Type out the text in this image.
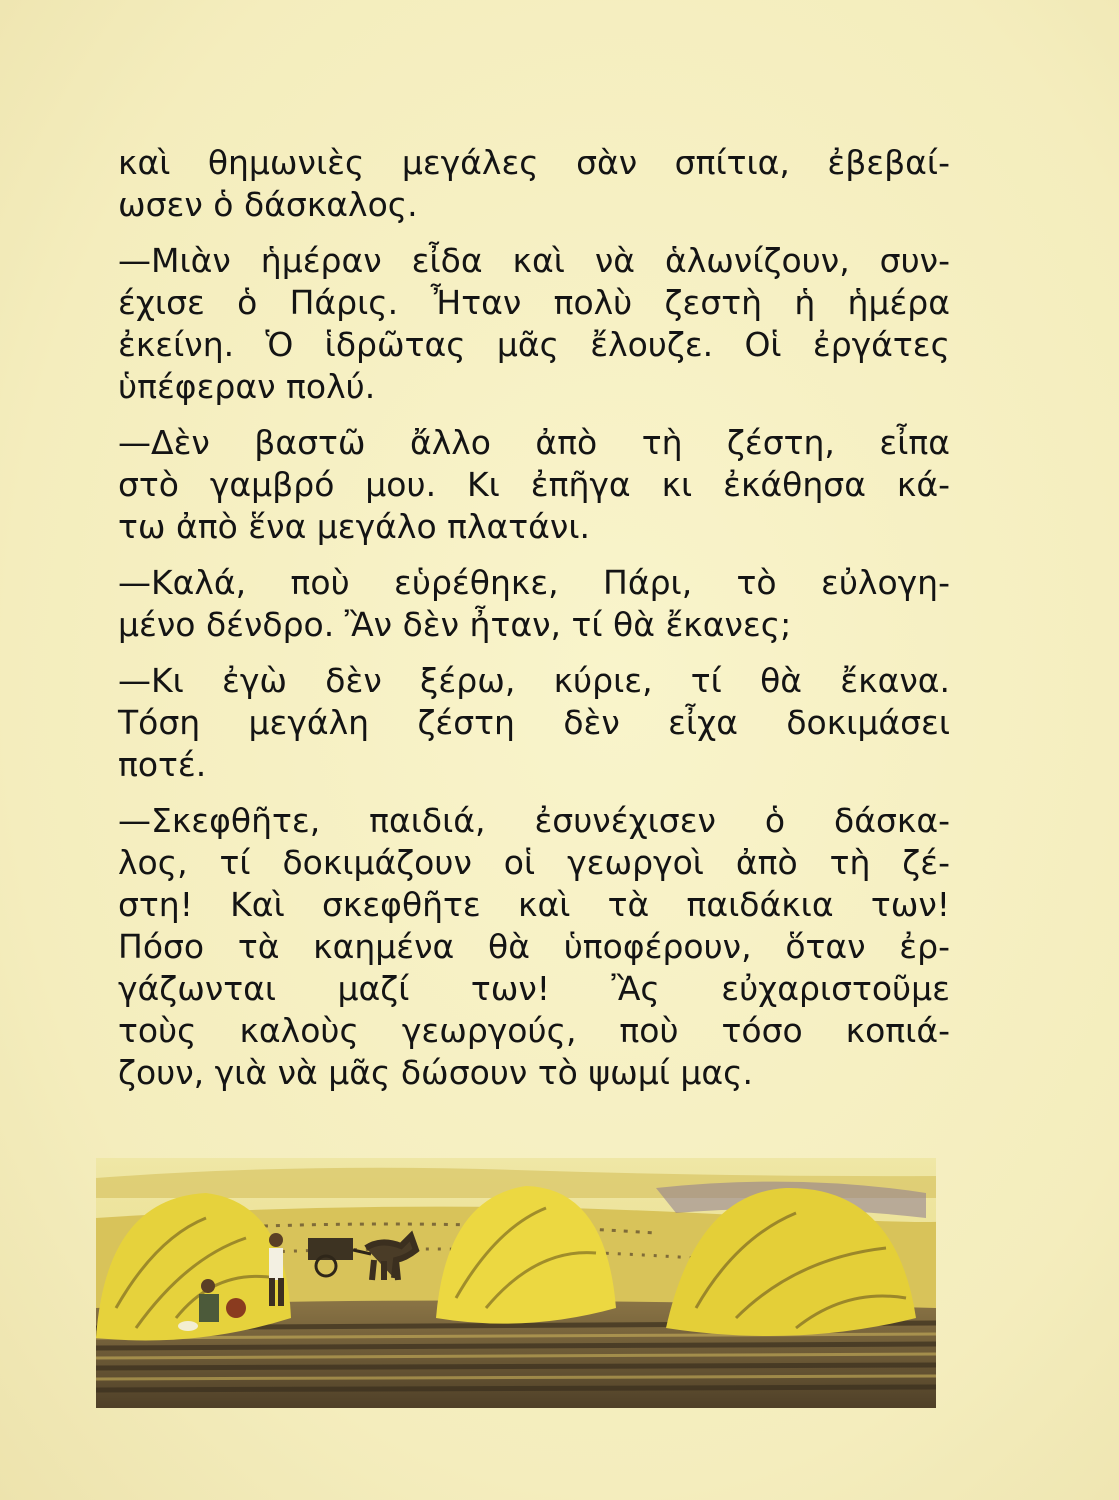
καὶ θημωνιὲς μεγάλες σὰν σπίτια, ἐβεβαί-
ωσεν ὁ δάσκαλος.

—Μιὰν ἡμέραν εἶδα καὶ νὰ ἁλωνίζουν, συν-
έχισε ὁ Πάρις. Ἦταν πολὺ ζεστὴ ἡ ἡμέρα
ἐκείνη. Ὁ ἱδρῶτας μᾶς ἔλουζε. Οἱ ἐργάτες
ὑπέφεραν πολύ.

—Δὲν βαστῶ ἄλλο ἀπὸ τὴ ζέστη, εἶπα
στὸ γαμβρό μου. Κι ἐπῆγα κι ἐκάθησα κά-
τω ἀπὸ ἕνα μεγάλο πλατάνι.

—Καλά, ποὺ εὑρέθηκε, Πάρι, τὸ εὐλογη-
μένο δένδρο. Ἂν δὲν ἦταν, τί θὰ ἔκανες;

—Κι ἐγὼ δὲν ξέρω, κύριε, τί θὰ ἔκανα.
Τόση μεγάλη ζέστη δὲν εἶχα δοκιμάσει
ποτέ.

—Σκεφθῆτε, παιδιά, ἐσυνέχισεν ὁ δάσκα-
λος, τί δοκιμάζουν οἱ γεωργοὶ ἀπὸ τὴ ζέ-
στη! Καὶ σκεφθῆτε καὶ τὰ παιδάκια των!
Πόσο τὰ καημένα θὰ ὑποφέρουν, ὅταν ἐρ-
γάζωνται μαζί των! Ἂς εὐχαριστοῦμε
τοὺς καλοὺς γεωργούς, ποὺ τόσο κοπιά-
ζουν, γιὰ νὰ μᾶς δώσουν τὸ ψωμί μας.
